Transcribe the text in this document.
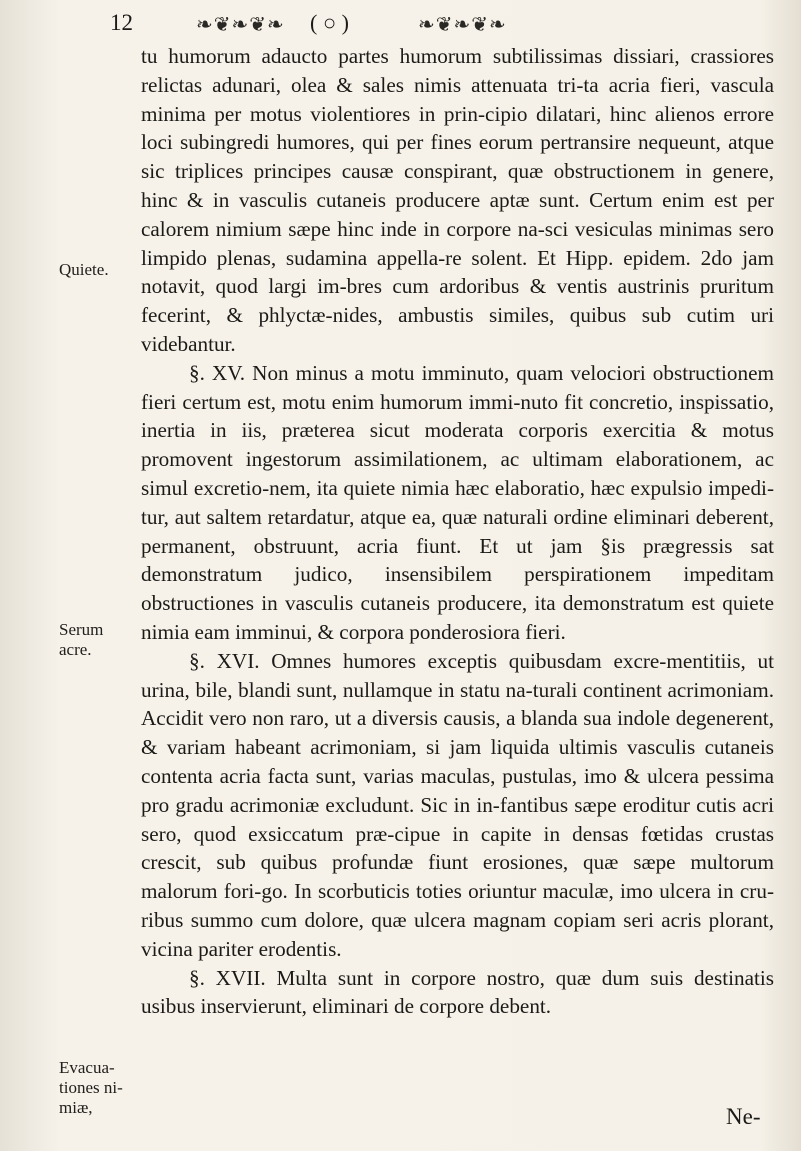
12	❧❦❧❦❧ ( ○ )	❧❦❧❦❧
Quiete.
Serum acre.
Evacua-tiones ni-miæ,

tu humorum adaucto partes humorum subtilissimas dissiari, crassiores relictas adunari, olea & sales nimis attenuata tri-ta acria fieri, vascula minima per motus violentiores in prin-cipio dilatari, hinc alienos errore loci subingredi humores, qui per fines eorum pertransire nequeunt, atque sic triplices principes causæ conspirant, quæ obstructionem in genere, hinc & in vasculis cutaneis producere aptæ sunt. Certum enim est per calorem nimium sæpe hinc inde in corpore na-sci vesiculas minimas sero limpido plenas, sudamina appella-re solent. Et Hipp. epidem. 2do jam notavit, quod largi im-bres cum ardoribus & ventis austrinis pruritum fecerint, & phlyctæ-nides, ambustis similes, quibus sub cutim uri videbantur.

§. XV. Non minus a motu imminuto, quam velociori obstructionem fieri certum est, motu enim humorum immi-nuto fit concretio, inspissatio, inertia in iis, præterea sicut moderata corporis exercitia & motus promovent ingestorum assimilationem, ac ultimam elaborationem, ac simul excretio-nem, ita quiete nimia hæc elaboratio, hæc expulsio impedi-tur, aut saltem retardatur, atque ea, quæ naturali ordine eliminari deberent, permanent, obstruunt, acria fiunt. Et ut jam §is prægressis sat demonstratum judico, insensibilem perspirationem impeditam obstructiones in vasculis cutaneis producere, ita demonstratum est quiete nimia eam imminui, & corpora ponderosiora fieri.

§. XVI. Omnes humores exceptis quibusdam excre-mentitiis, ut urina, bile, blandi sunt, nullamque in statu na-turali continent acrimoniam. Accidit vero non raro, ut a diversis causis, a blanda sua indole degenerent, & variam habeant acrimoniam, si jam liquida ultimis vasculis cutaneis contenta acria facta sunt, varias maculas, pustulas, imo & ulcera pessima pro gradu acrimoniæ excludunt. Sic in in-fantibus sæpe eroditur cutis acri sero, quod exsiccatum præ-cipue in capite in densas fœtidas crustas crescit, sub quibus profundæ fiunt erosiones, quæ sæpe multorum malorum fori-go. In scorbuticis toties oriuntur maculæ, imo ulcera in cru-ribus summo cum dolore, quæ ulcera magnam copiam seri acris plorant, vicina pariter erodentis.

§. XVII. Multa sunt in corpore nostro, quæ dum suis destinatis usibus inservierunt, eliminari de corpore debent.

Ne-
